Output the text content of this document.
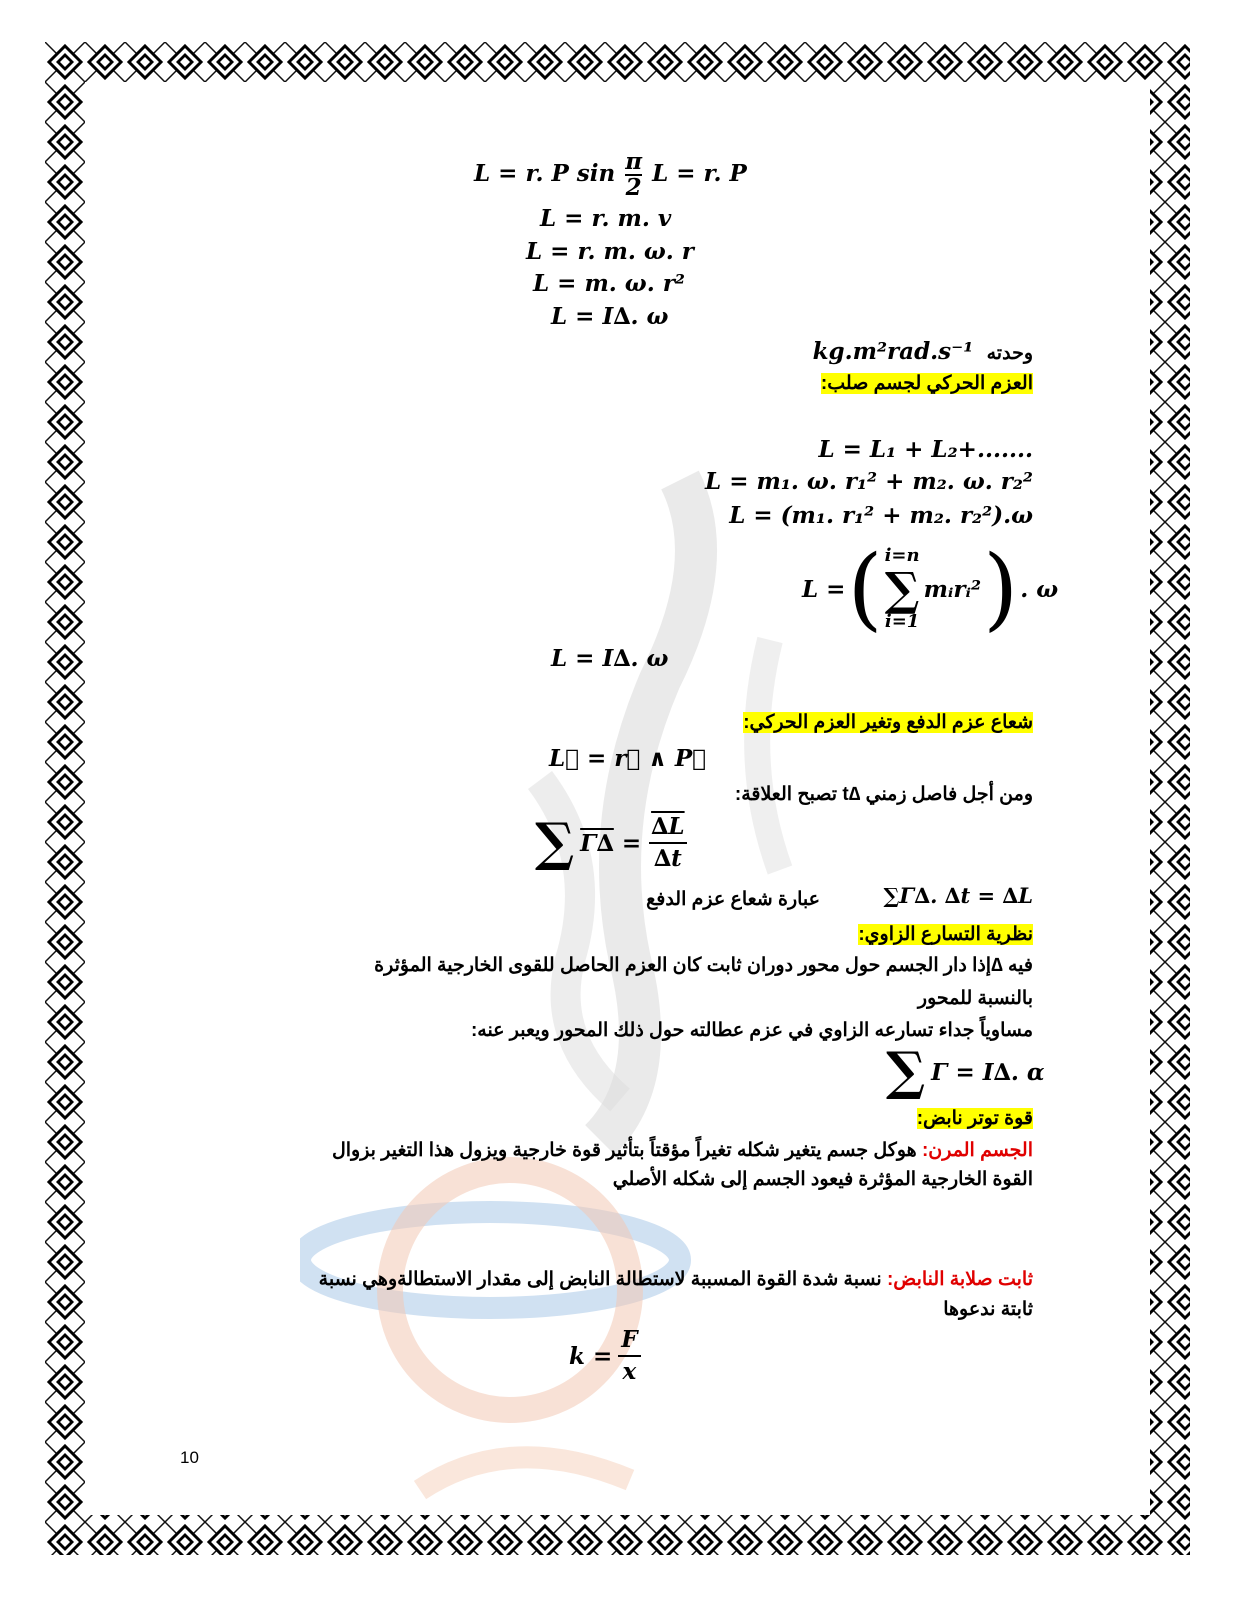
L = r. P $\sin \frac{\pi}{2}$ L = r. P
L = r. m. v
L = r. m. ω. r
L = m. ω. r²
L = I∆. ω
وحدته kg.m²rad.s⁻¹
العزم الحركي لجسم صلب:
L = L₁ + L₂+.......
L = m₁. ω. r₁² + m₂. ω. r₂²
L = (m₁. r₁² + m₂. r₂²).ω
L = ( i=n
∑
i=1
mᵢrᵢ² ) . ω
L = I∆. ω
شعاع عزم الدفع وتغير العزم الحركي:
L⃗ = r⃗ ∧ P⃗
ومن أجل فاصل زمني ∆t تصبح العلاقة:
∑ $\Gamma\Delta = \frac{\Delta L}{\Delta t}$
∑Γ∆. ∆t = ∆L
عبارة شعاع عزم الدفع
نظرية التسارع الزاوي:
فيه ∆إذا دار الجسم حول محور دوران ثابت كان العزم الحاصل للقوى الخارجية المؤثرة
بالنسبة للمحور
مساوياً جداء تسارعه الزاوي في عزم عطالته حول ذلك المحور ويعبر عنه:
∑ Γ = I∆. α
قوة توتر نابض:
الجسم المرن: هوكل جسم يتغير شكله تغيراً مؤقتاً بتأثير قوة خارجية ويزول هذا التغير بزوال
القوة الخارجية المؤثرة فيعود الجسم إلى شكله الأصلي
ثابت صلابة النابض: نسبة شدة القوة المسببة لاستطالة النابض إلى مقدار الاستطالةوهي نسبة
ثابتة ندعوها
$k = \frac{F}{x}$
10
